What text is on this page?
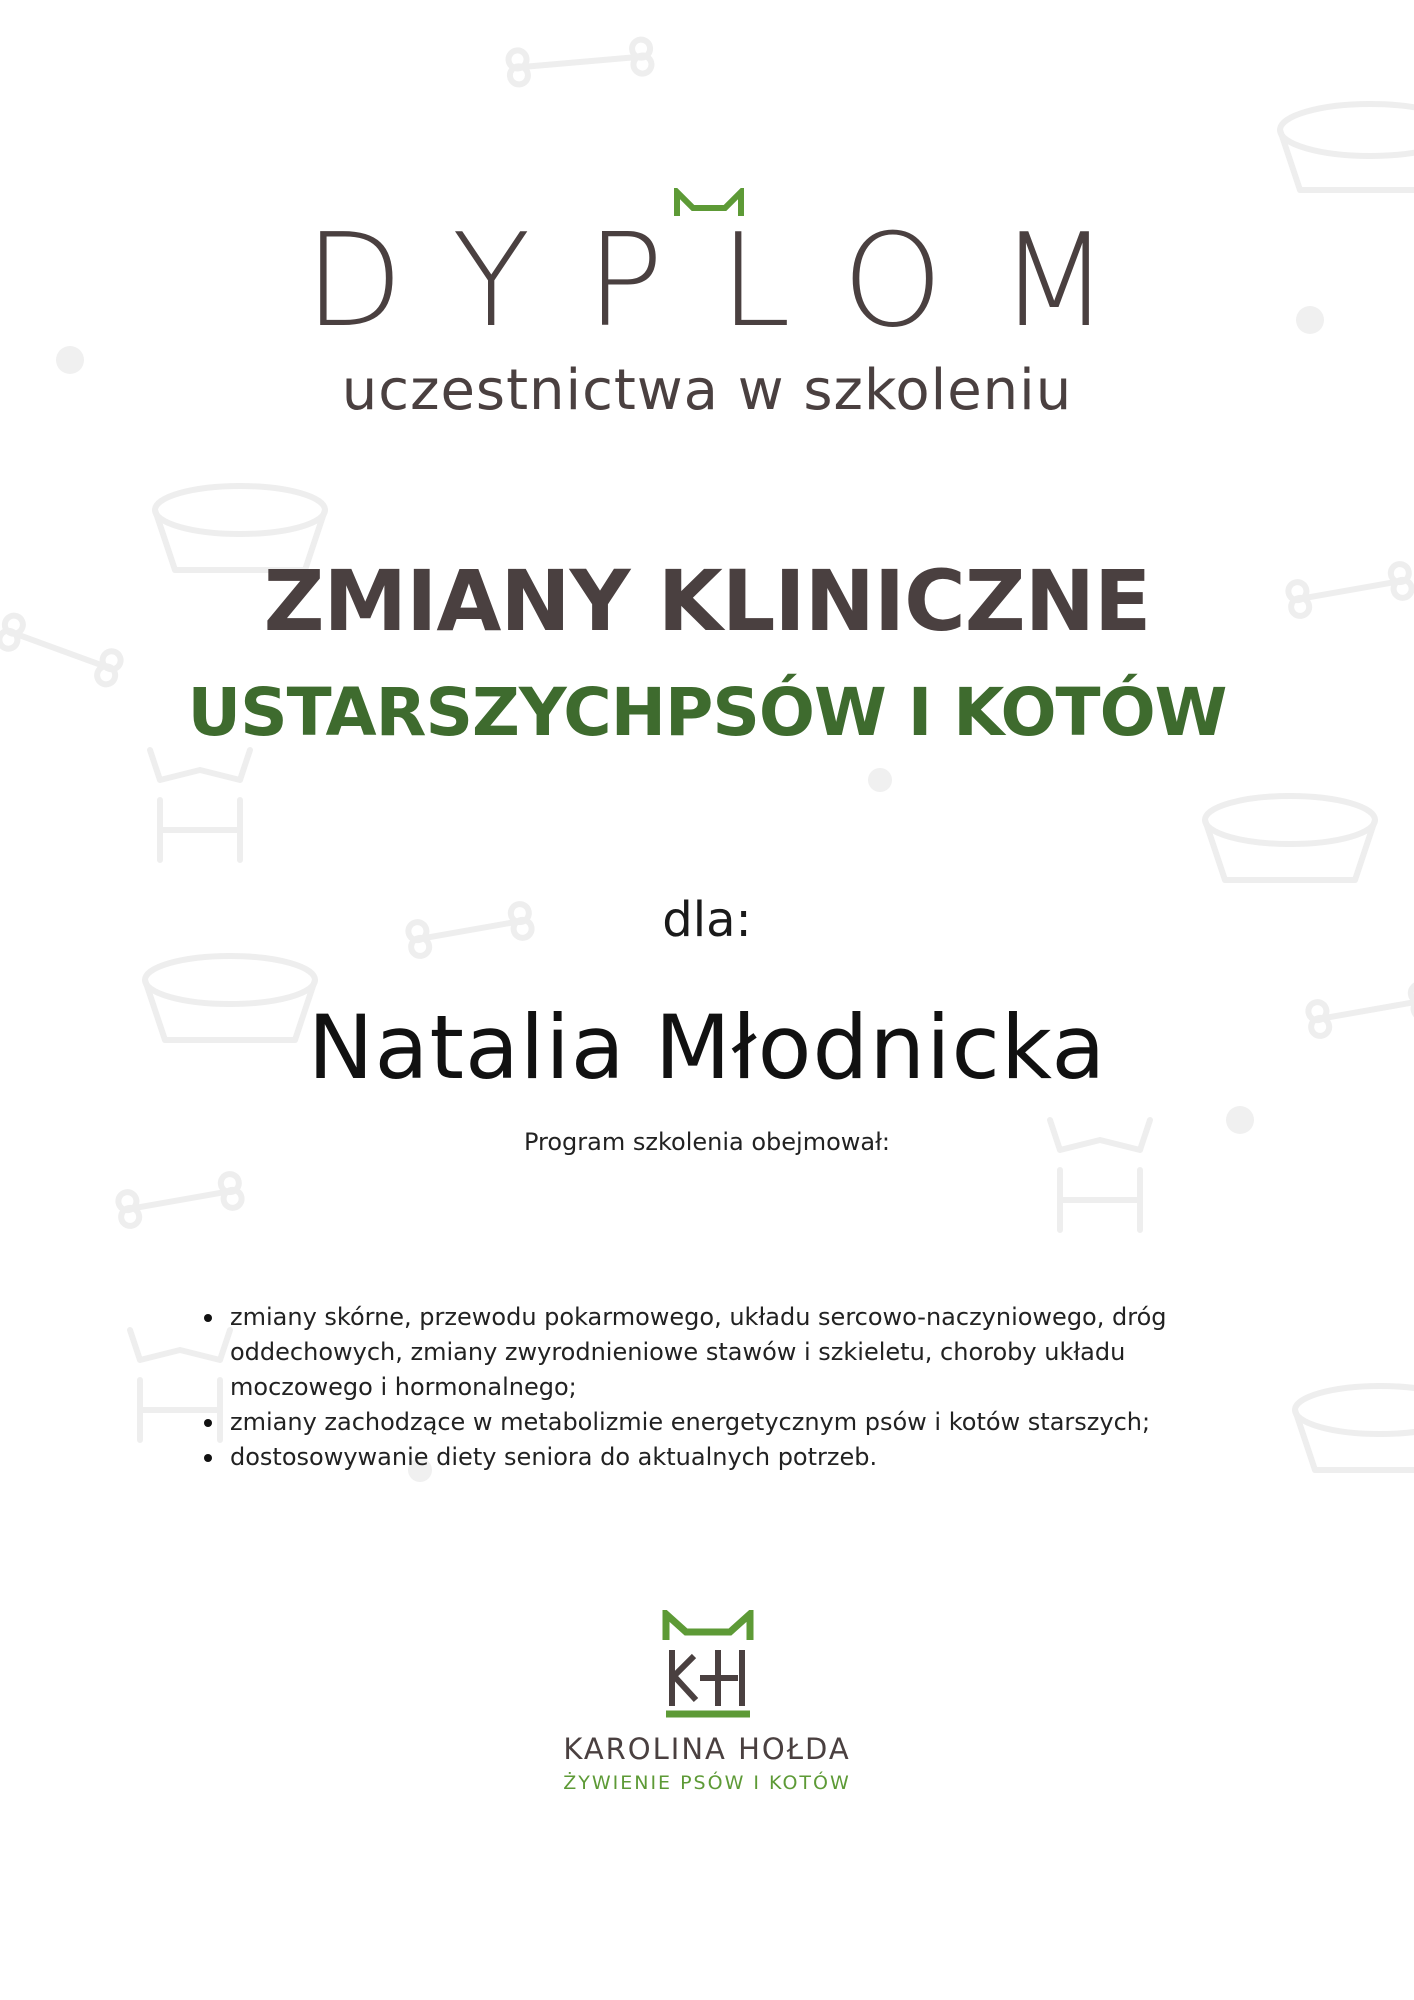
DYPLOM
uczestnictwa w szkoleniu
ZMIANY KLINICZNE
USTARSZYCHPSÓW I KOTÓW
dla:
Natalia Młodnicka
Program szkolenia obejmował:
zmiany skórne, przewodu pokarmowego, układu sercowo-naczyniowego, dróg oddechowych, zmiany zwyrodnieniowe stawów i szkieletu, choroby układu moczowego i hormonalnego;
zmiany zachodzące w metabolizmie energetycznym psów i kotów starszych;
dostosowywanie diety seniora do aktualnych potrzeb.
KAROLINA HOŁDA
ŻYWIENIE PSÓW I KOTÓW
